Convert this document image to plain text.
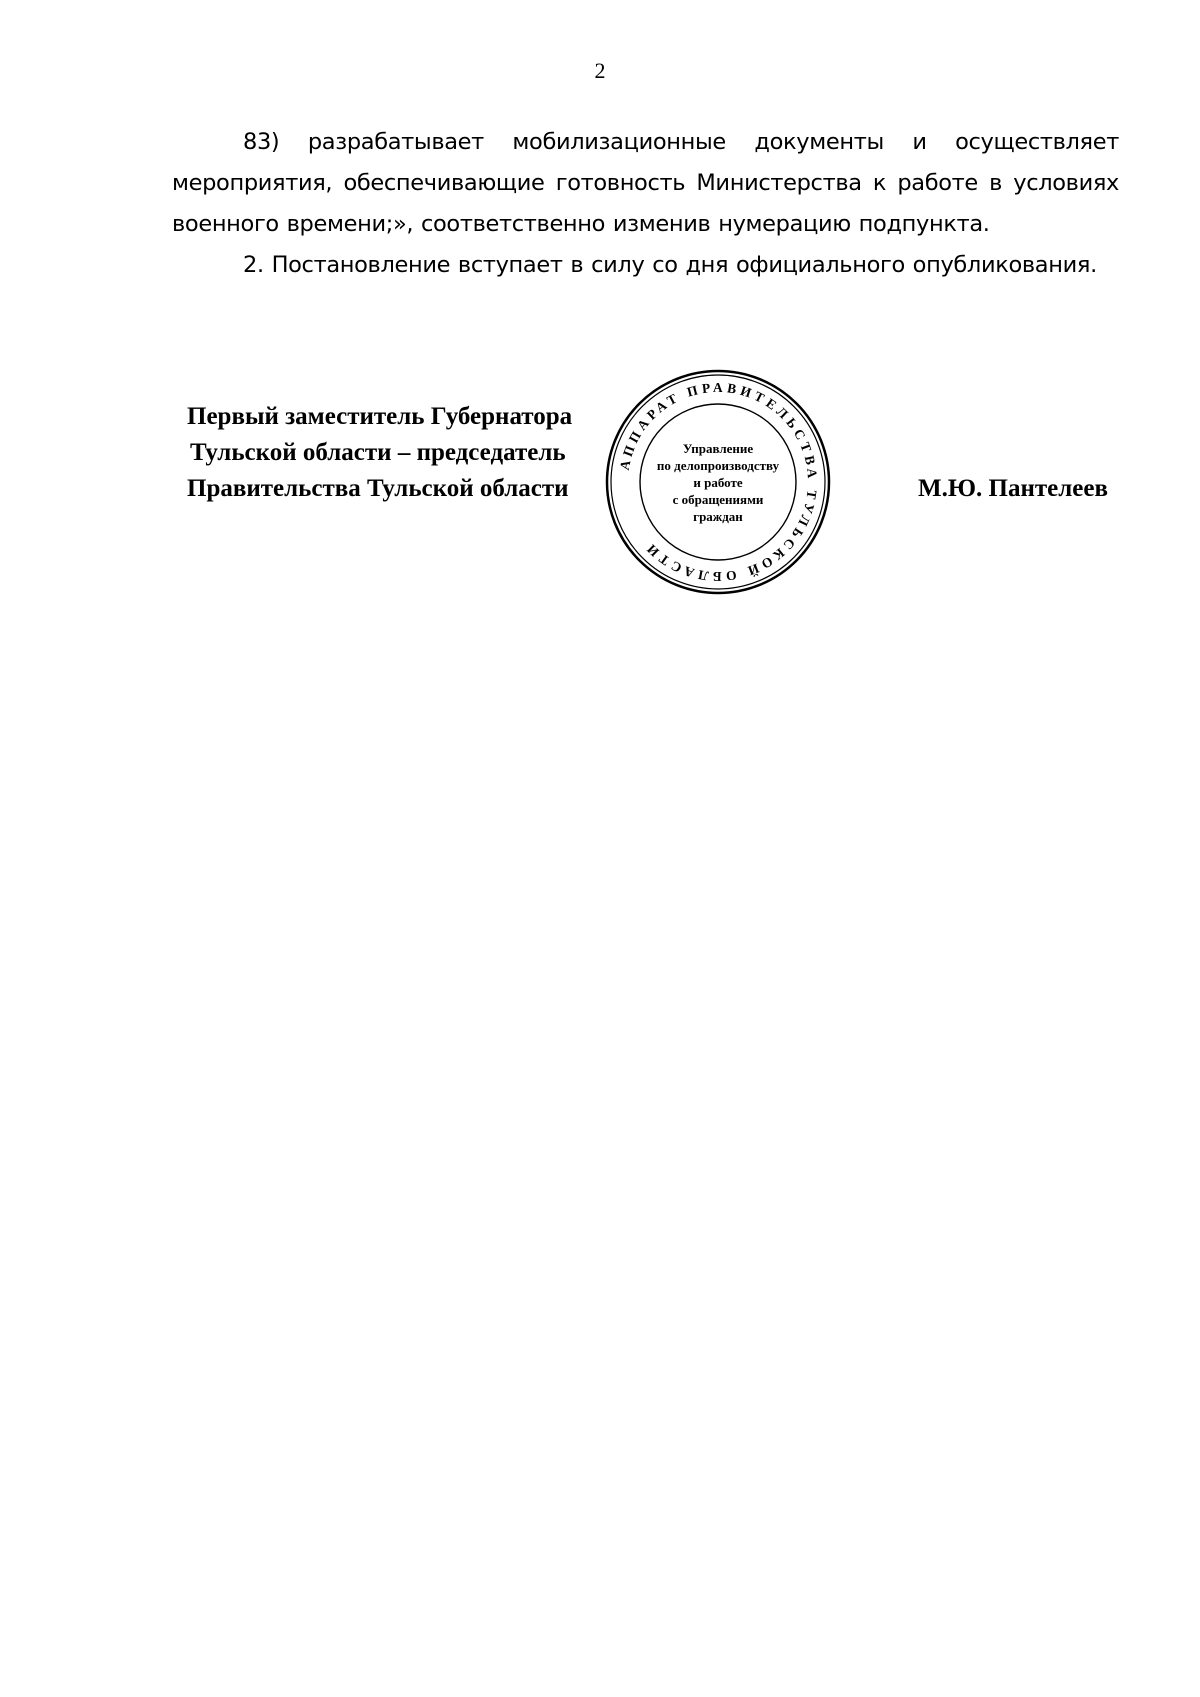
2

83) разрабатывает мобилизационные документы и осуществляет мероприятия, обеспечивающие готовность Министерства к работе в условиях военного времени;», соответственно изменив нумерацию подпункта.

2. Постановление вступает в силу со дня официального опубликования.

Первый заместитель Губернатора
Тульской области – председатель
Правительства Тульской области	М.Ю. Пантелеев
АППАРАТ ПРАВИТЕЛЬСТВА ТУЛЬСКОЙ ОБЛАСТИ
Управление
по делопроизводству
и работе
с обращениями
граждан
